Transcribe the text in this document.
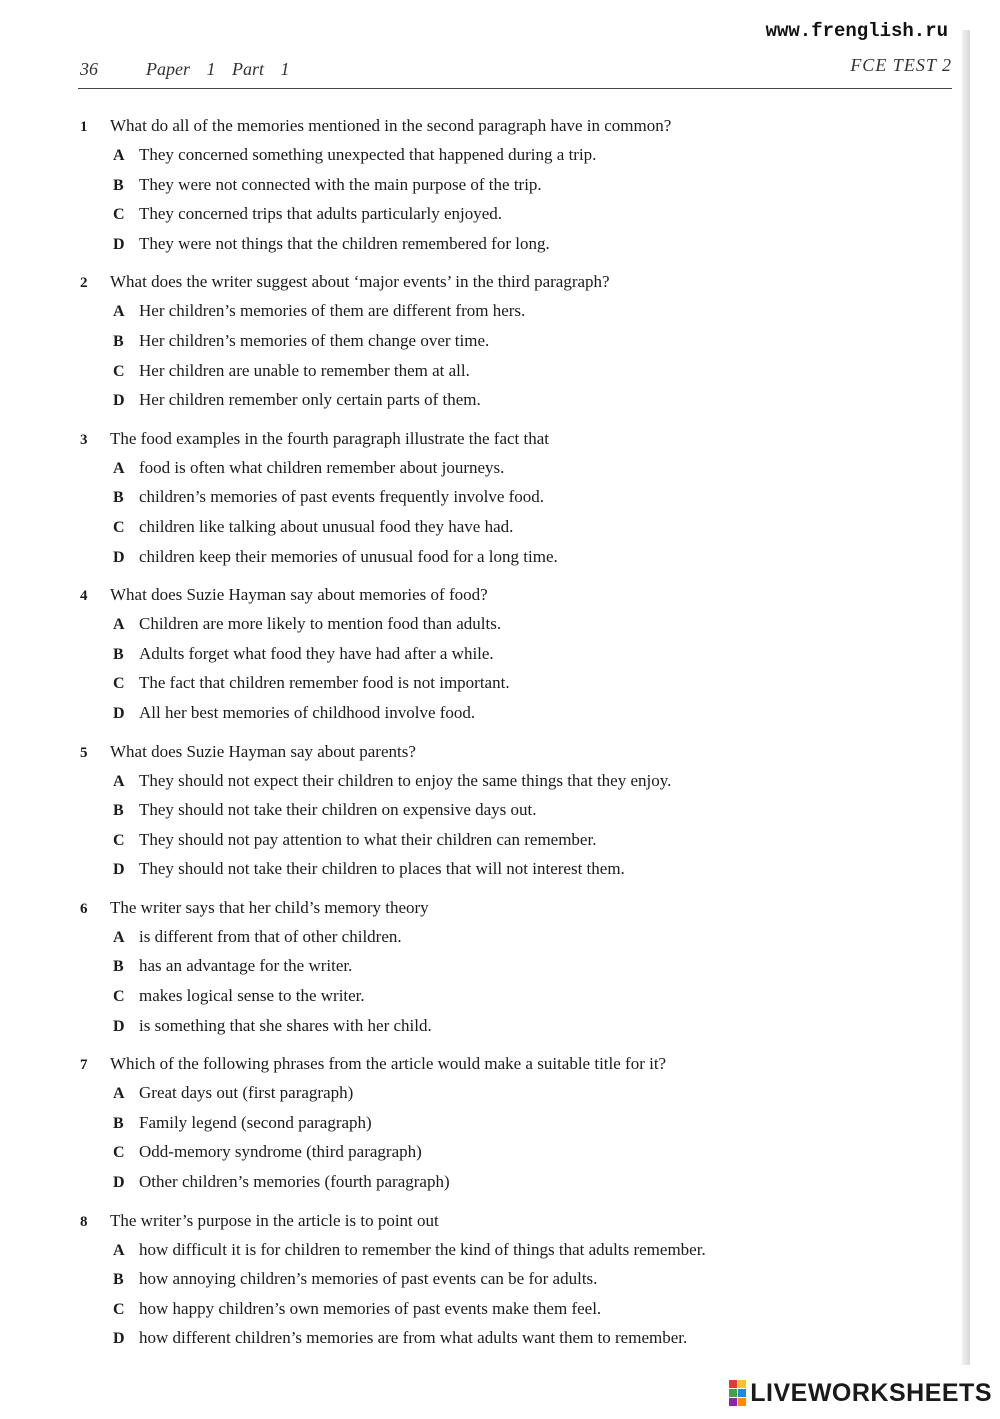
www.frenglish.ru
36	Paper 1 Part 1	FCE TEST 2
1 What do all of the memories mentioned in the second paragraph have in common?
A They concerned something unexpected that happened during a trip.
B They were not connected with the main purpose of the trip.
C They concerned trips that adults particularly enjoyed.
D They were not things that the children remembered for long.
2 What does the writer suggest about ‘major events’ in the third paragraph?
A Her children’s memories of them are different from hers.
B Her children’s memories of them change over time.
C Her children are unable to remember them at all.
D Her children remember only certain parts of them.
3 The food examples in the fourth paragraph illustrate the fact that
A food is often what children remember about journeys.
B children’s memories of past events frequently involve food.
C children like talking about unusual food they have had.
D children keep their memories of unusual food for a long time.
4 What does Suzie Hayman say about memories of food?
A Children are more likely to mention food than adults.
B Adults forget what food they have had after a while.
C The fact that children remember food is not important.
D All her best memories of childhood involve food.
5 What does Suzie Hayman say about parents?
A They should not expect their children to enjoy the same things that they enjoy.
B They should not take their children on expensive days out.
C They should not pay attention to what their children can remember.
D They should not take their children to places that will not interest them.
6 The writer says that her child’s memory theory
A is different from that of other children.
B has an advantage for the writer.
C makes logical sense to the writer.
D is something that she shares with her child.
7 Which of the following phrases from the article would make a suitable title for it?
A Great days out (first paragraph)
B Family legend (second paragraph)
C Odd-memory syndrome (third paragraph)
D Other children’s memories (fourth paragraph)
8 The writer’s purpose in the article is to point out
A how difficult it is for children to remember the kind of things that adults remember.
B how annoying children’s memories of past events can be for adults.
C how happy children’s own memories of past events make them feel.
D how different children’s memories are from what adults want them to remember.
LIVEWORKSHEETS
